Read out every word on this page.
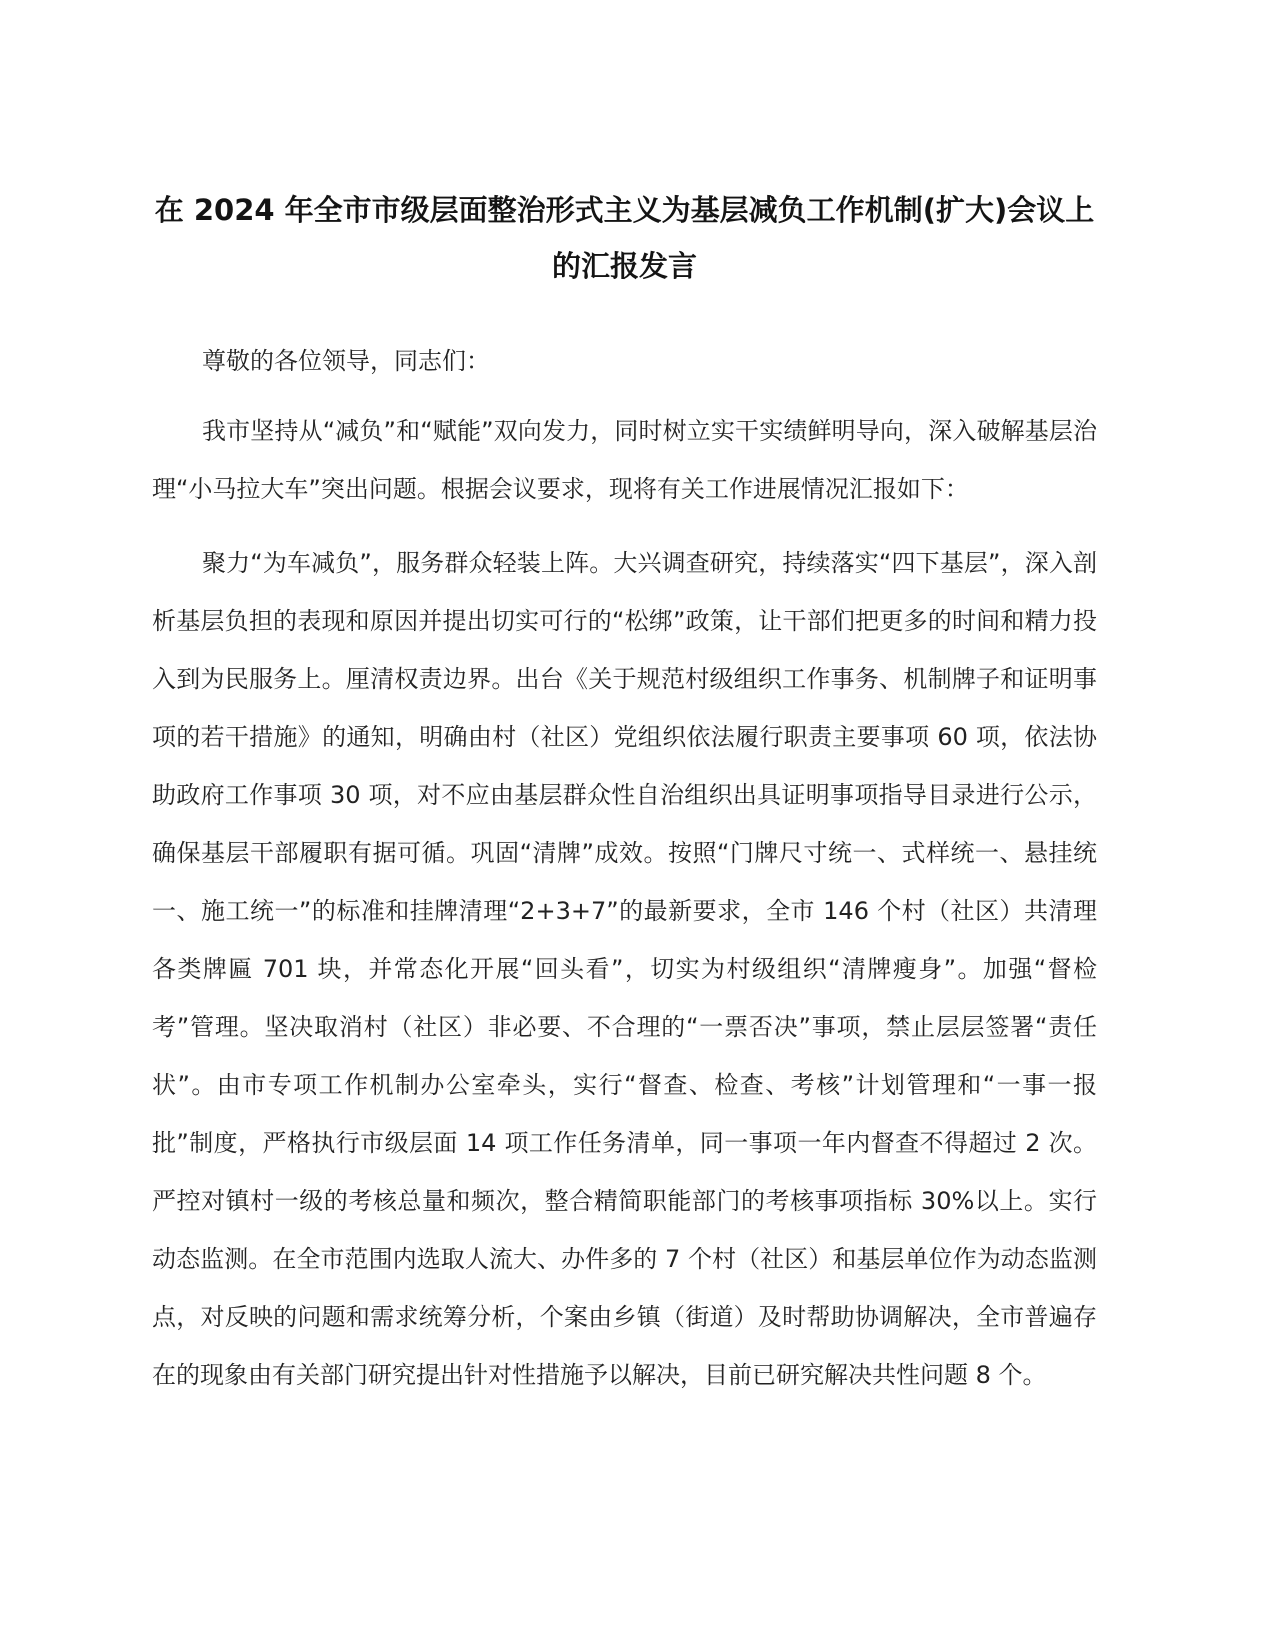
在 2024 年全市市级层面整治形式主义为基层减负工作机制(扩大)会议上的汇报发言

尊敬的各位领导，同志们：

我市坚持从“减负”和“赋能”双向发力，同时树立实干实绩鲜明导向，深入破解基层治理“小马拉大车”突出问题。根据会议要求，现将有关工作进展情况汇报如下：

聚力“为车减负”，服务群众轻装上阵。大兴调查研究，持续落实“四下基层”，深入剖析基层负担的表现和原因并提出切实可行的“松绑”政策，让干部们把更多的时间和精力投入到为民服务上。厘清权责边界。出台《关于规范村级组织工作事务、机制牌子和证明事项的若干措施》的通知，明确由村（社区）党组织依法履行职责主要事项 60 项，依法协助政府工作事项 30 项，对不应由基层群众性自治组织出具证明事项指导目录进行公示，确保基层干部履职有据可循。巩固“清牌”成效。按照“门牌尺寸统一、式样统一、悬挂统一、施工统一”的标准和挂牌清理“2+3+7”的最新要求，全市 146 个村（社区）共清理各类牌匾 701 块，并常态化开展“回头看”，切实为村级组织“清牌瘦身”。加强“督检考”管理。坚决取消村（社区）非必要、不合理的“一票否决”事项，禁止层层签署“责任状”。由市专项工作机制办公室牵头，实行“督查、检查、考核”计划管理和“一事一报批”制度，严格执行市级层面 14 项工作任务清单，同一事项一年内督查不得超过 2 次。严控对镇村一级的考核总量和频次，整合精简职能部门的考核事项指标 30%以上。实行动态监测。在全市范围内选取人流大、办件多的 7 个村（社区）和基层单位作为动态监测点，对反映的问题和需求统筹分析，个案由乡镇（街道）及时帮助协调解决，全市普遍存在的现象由有关部门研究提出针对性措施予以解决，目前已研究解决共性问题 8 个。
